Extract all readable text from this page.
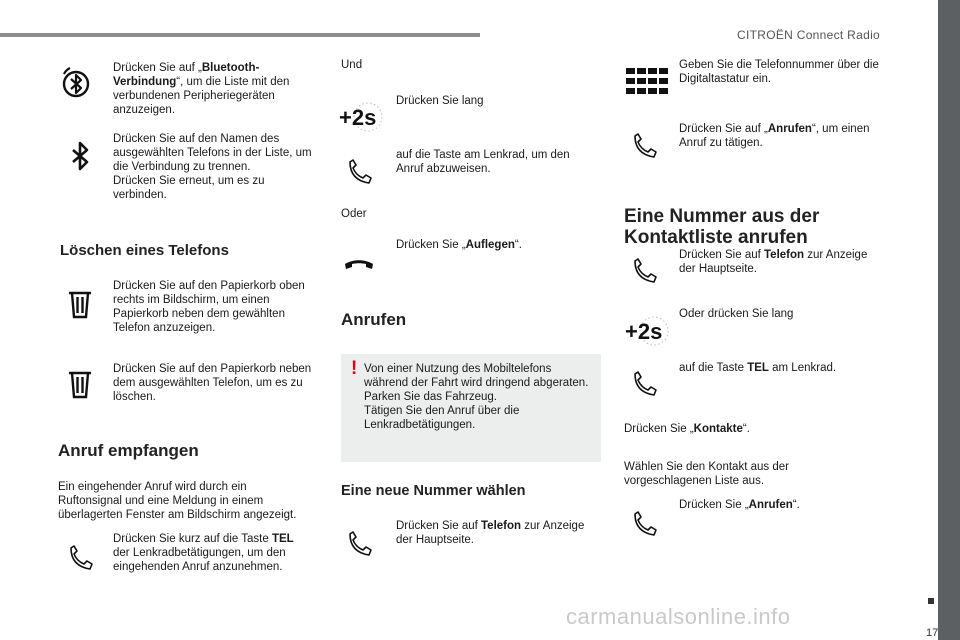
CITROËN Connect Radio
17
carmanualsonline.info
Drücken Sie auf „Bluetooth-Verbindung“, um die Liste mit den verbundenen Peripheriegeräten anzuzeigen.
Drücken Sie auf den Namen des ausgewählten Telefons in der Liste, um die Verbindung zu trennen.
Drücken Sie erneut, um es zu verbinden.
Löschen eines Telefons
Drücken Sie auf den Papierkorb oben rechts im Bildschirm, um einen Papierkorb neben dem gewählten Telefon anzuzeigen.
Drücken Sie auf den Papierkorb neben dem ausgewählten Telefon, um es zu löschen.
Anruf empfangen
Ein eingehender Anruf wird durch ein Ruftonsignal und eine Meldung in einem überlagerten Fenster am Bildschirm angezeigt.
Drücken Sie kurz auf die Taste TEL der Lenkradbetätigungen, um den eingehenden Anruf anzunehmen.
Und
+2s
Drücken Sie lang
auf die Taste am Lenkrad, um den Anruf abzuweisen.
Oder
Drücken Sie „Auflegen“.
Anrufen
! Von einer Nutzung des Mobiltelefons während der Fahrt wird dringend abgeraten.
Parken Sie das Fahrzeug.
Tätigen Sie den Anruf über die Lenkradbetätigungen.
Eine neue Nummer wählen
Drücken Sie auf Telefon zur Anzeige der Hauptseite.
Geben Sie die Telefonnummer über die Digitaltastatur ein.
Drücken Sie auf „Anrufen“, um einen Anruf zu tätigen.
Eine Nummer aus der Kontaktliste anrufen
Drücken Sie auf Telefon zur Anzeige der Hauptseite.
+2s
Oder drücken Sie lang
auf die Taste TEL am Lenkrad.
Drücken Sie „Kontakte“.
Wählen Sie den Kontakt aus der vorgeschlagenen Liste aus.
Drücken Sie „Anrufen“.
